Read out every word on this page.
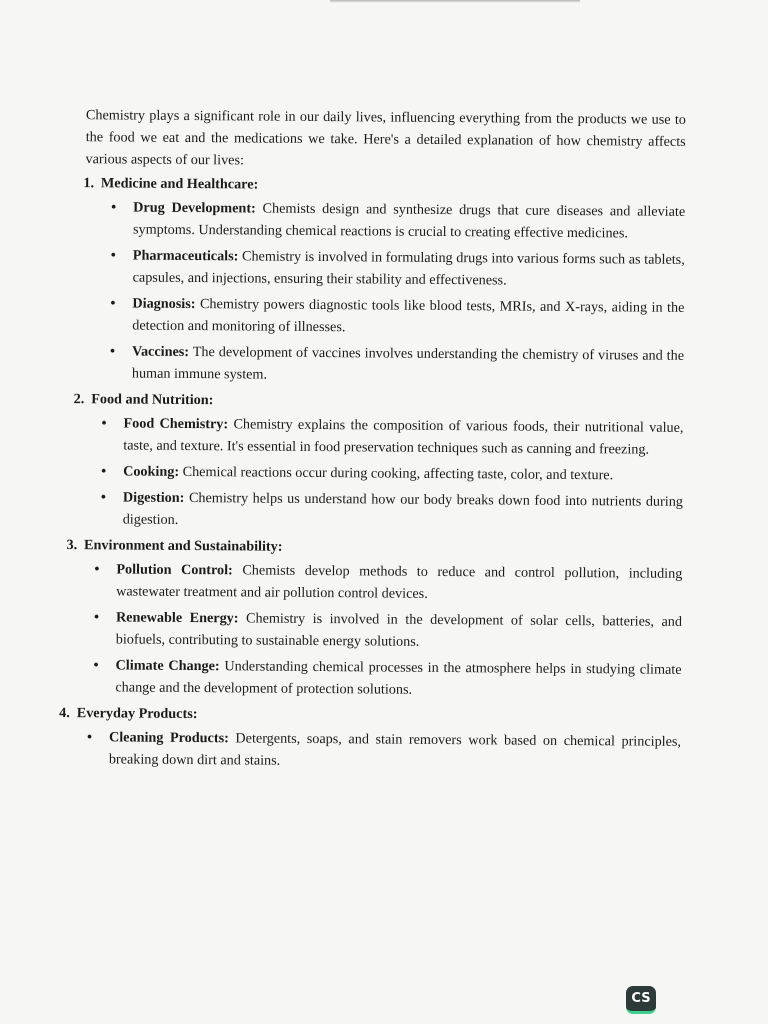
Chemistry plays a significant role in our daily lives, influencing everything from the products we use to the food we eat and the medications we take. Here's a detailed explanation of how chemistry affects various aspects of our lives:

1. Medicine and Healthcare:

• Drug Development: Chemists design and synthesize drugs that cure diseases and alleviate symptoms. Understanding chemical reactions is crucial to creating effective medicines.
• Pharmaceuticals: Chemistry is involved in formulating drugs into various forms such as tablets, capsules, and injections, ensuring their stability and effectiveness.
• Diagnosis: Chemistry powers diagnostic tools like blood tests, MRIs, and X-rays, aiding in the detection and monitoring of illnesses.
• Vaccines: The development of vaccines involves understanding the chemistry of viruses and the human immune system.

2. Food and Nutrition:

• Food Chemistry: Chemistry explains the composition of various foods, their nutritional value, taste, and texture. It's essential in food preservation techniques such as canning and freezing.
• Cooking: Chemical reactions occur during cooking, affecting taste, color, and texture.
• Digestion: Chemistry helps us understand how our body breaks down food into nutrients during digestion.

3. Environment and Sustainability:

• Pollution Control: Chemists develop methods to reduce and control pollution, including wastewater treatment and air pollution control devices.
• Renewable Energy: Chemistry is involved in the development of solar cells, batteries, and biofuels, contributing to sustainable energy solutions.
• Climate Change: Understanding chemical processes in the atmosphere helps in studying climate change and the development of protection solutions.

4. Everyday Products:

• Cleaning Products: Detergents, soaps, and stain removers work based on chemical principles, breaking down dirt and stains.
CS
